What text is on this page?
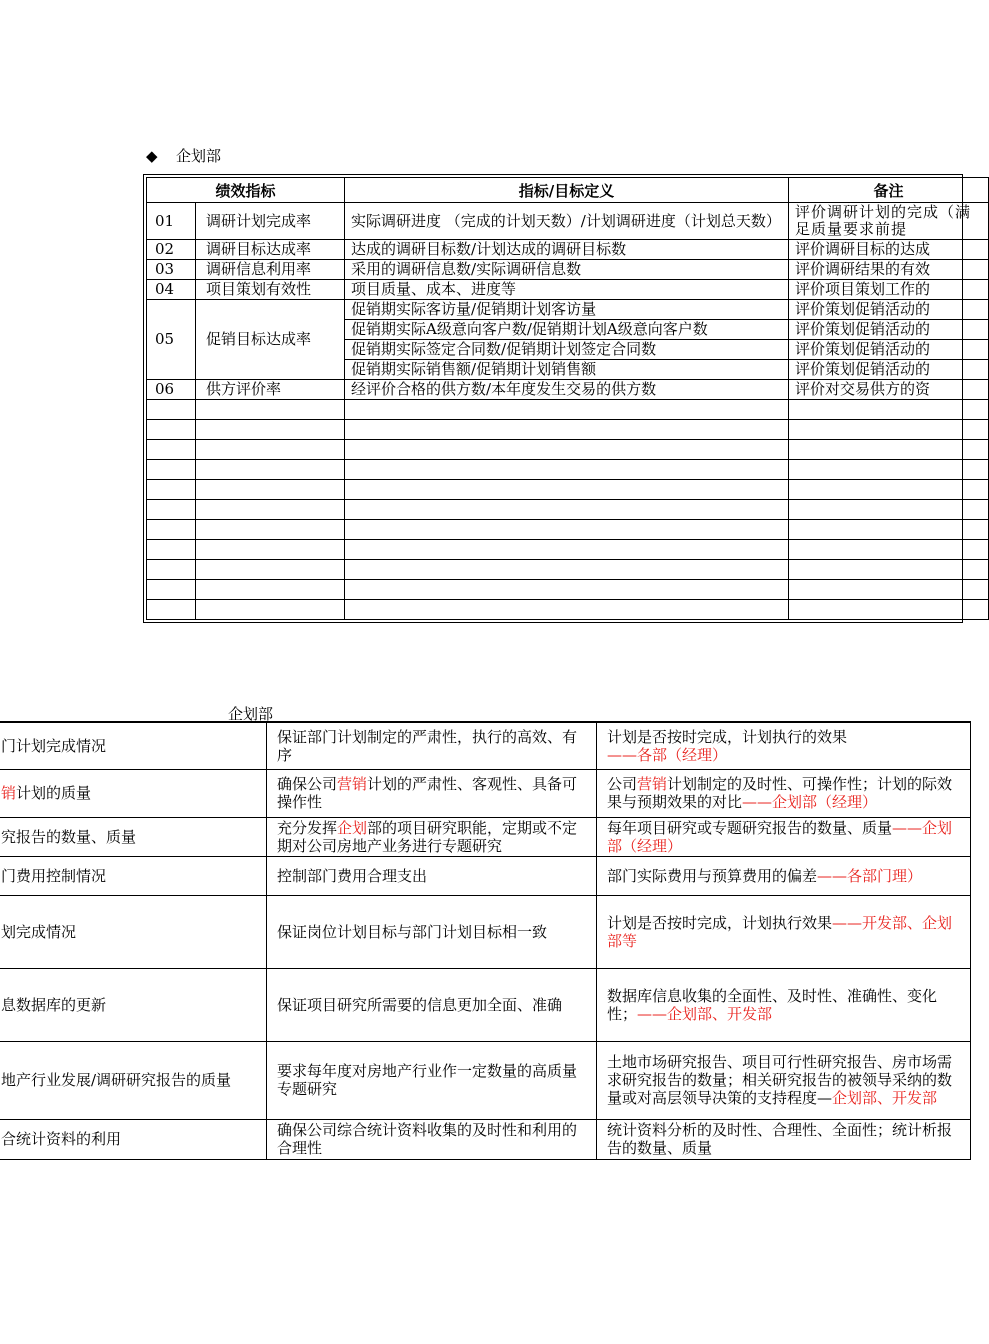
◆ 企划部
绩效指标		指标/目标定义	备注
01	调研计划完成率	实际调研进度 （完成的计划天数）/计划调研进度（计划总天数）	评价调研计划的完成（满足质量要求前提
02	调研目标达成率	达成的调研目标数/计划达成的调研目标数	评价调研目标的达成
03	调研信息利用率	采用的调研信息数/实际调研信息数	评价调研结果的有效
04	项目策划有效性	项目质量、成本、进度等	评价项目策划工作的
05	促销目标达成率	促销期实际客访量/促销期计划客访量	评价策划促销活动的
		促销期实际A级意向客户数/促销期计划A级意向客户数	评价策划促销活动的
		促销期实际签定合同数/促销期计划签定合同数	评价策划促销活动的
		促销期实际销售额/促销期计划销售额	评价策划促销活动的
06	供方评价率	经评价合格的供方数/本年度发生交易的供方数	评价对交易供方的资

企划部
门计划完成情况	保证部门计划制定的严肃性，执行的高效、有序	计划是否按时完成，计划执行的效果——各部（经理）
销计划的质量	确保公司营销计划的严肃性、客观性、具备可操作性	公司营销计划制定的及时性、可操作性；计划的际效果与预期效果的对比——企划部（经理）
究报告的数量、质量	充分发挥企划部的项目研究职能，定期或不定期对公司房地产业务进行专题研究	每年项目研究或专题研究报告的数量、质量——企划部（经理）
门费用控制情况	控制部门费用合理支出	部门实际费用与预算费用的偏差——各部门理）
划完成情况	保证岗位计划目标与部门计划目标相一致	计划是否按时完成，计划执行效果——开发部、企划部等
息数据库的更新	保证项目研究所需要的信息更加全面、准确	数据库信息收集的全面性、及时性、准确性、变化性；——企划部、开发部
地产行业发展/调研研究报告的质量	要求每年度对房地产行业作一定数量的高质量专题研究	土地市场研究报告、项目可行性研究报告、房市场需求研究报告的数量；相关研究报告的被领导采纳的数量或对高层领导决策的支持程度—企划部、开发部
合统计资料的利用	确保公司综合统计资料收集的及时性和利用的合理性	统计资料分析的及时性、合理性、全面性；统计析报告的数量、质量
